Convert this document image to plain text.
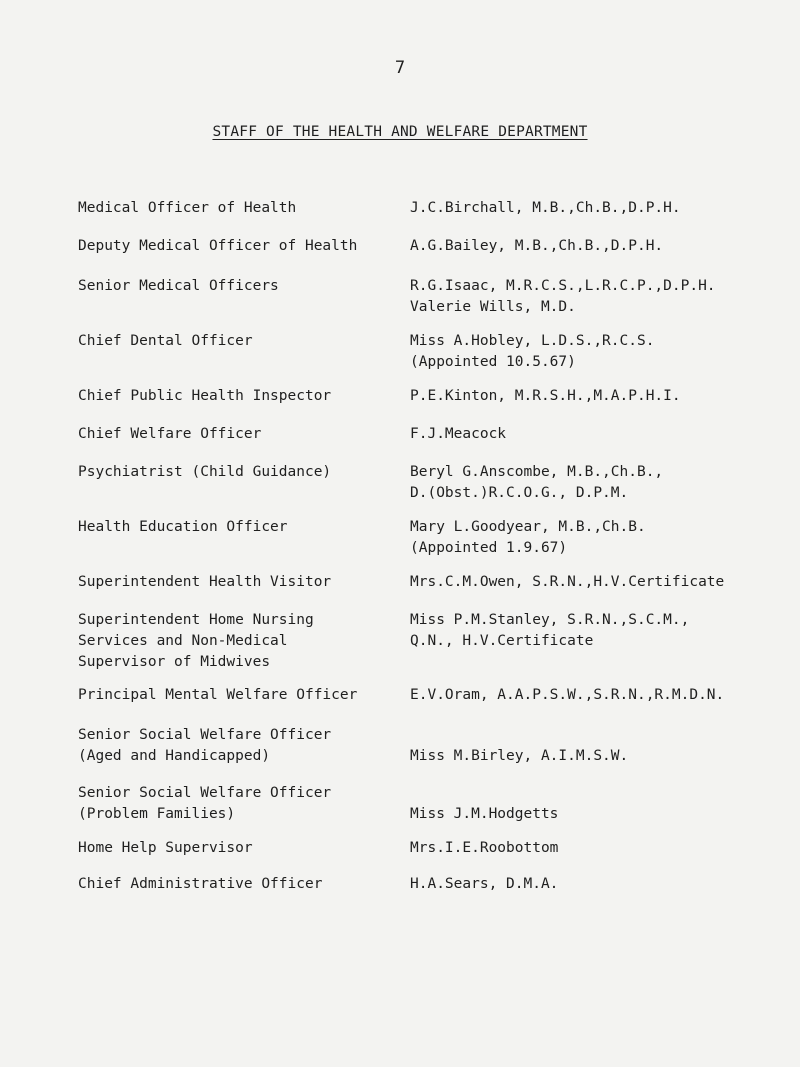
7
STAFF OF THE HEALTH AND WELFARE DEPARTMENT
Medical Officer of Health	J.C.Birchall, M.B.,Ch.B.,D.P.H.
Deputy Medical Officer of Health	A.G.Bailey, M.B.,Ch.B.,D.P.H.
Senior Medical Officers	R.G.Isaac, M.R.C.S.,L.R.C.P.,D.P.H.
Valerie Wills, M.D.
Chief Dental Officer	Miss A.Hobley, L.D.S.,R.C.S.
(Appointed 10.5.67)
Chief Public Health Inspector	P.E.Kinton, M.R.S.H.,M.A.P.H.I.
Chief Welfare Officer	F.J.Meacock
Psychiatrist (Child Guidance)	Beryl G.Anscombe, M.B.,Ch.B.,
D.(Obst.)R.C.O.G., D.P.M.
Health Education Officer	Mary L.Goodyear, M.B.,Ch.B.
(Appointed 1.9.67)
Superintendent Health Visitor	Mrs.C.M.Owen, S.R.N.,H.V.Certificate
Superintendent Home Nursing
Services and Non-Medical
Supervisor of Midwives
Miss P.M.Stanley, S.R.N.,S.C.M.,
Q.N., H.V.Certificate
Principal Mental Welfare Officer	E.V.Oram, A.A.P.S.W.,S.R.N.,R.M.D.N.
Senior Social Welfare Officer
(Aged and Handicapped)
	Miss M.Birley, A.I.M.S.W.
Senior Social Welfare Officer
(Problem Families)
	Miss J.M.Hodgetts
Home Help Supervisor	Mrs.I.E.Roobottom
Chief Administrative Officer	H.A.Sears, D.M.A.
